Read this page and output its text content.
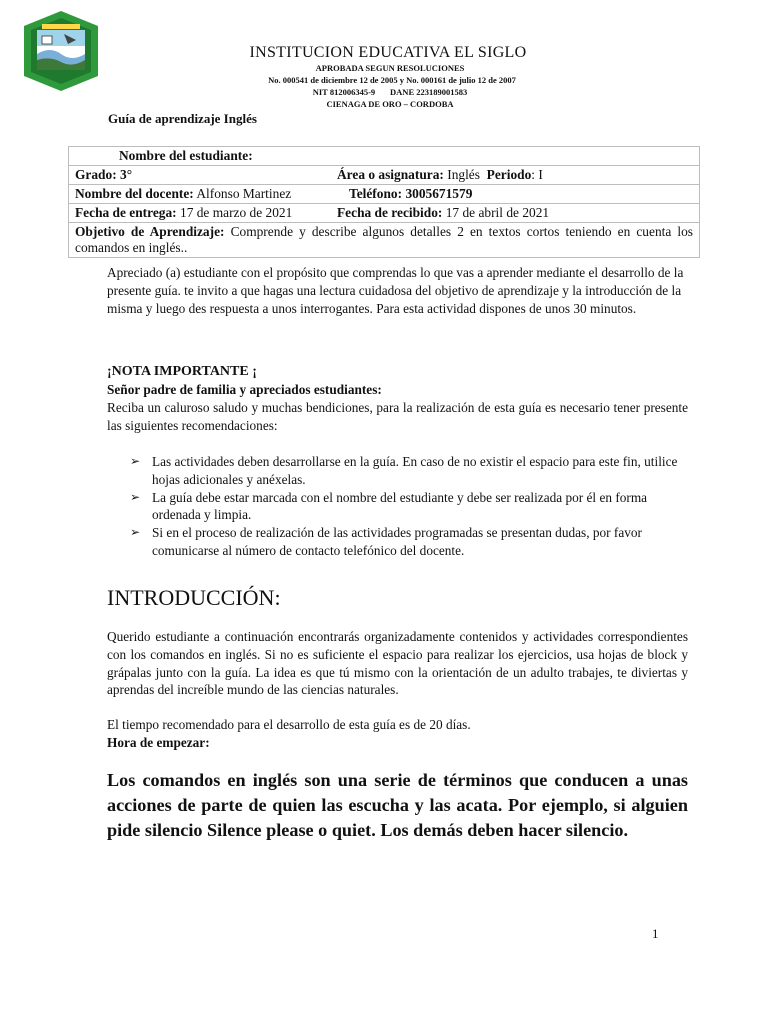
INSTITUCION EDUCATIVA EL SIGLO
APROBADA SEGUN RESOLUCIONES
No. 000541 de diciembre 12 de 2005 y No. 000161 de julio 12 de 2007
NIT 812006345-9       DANE 223189001583
CIENAGA DE ORO – CORDOBA
Guía de aprendizaje Inglés
Nombre del estudiante:	
Grado: 3°	Área o asignatura: Inglés Periodo: I
Nombre del docente: Alfonso Martinez	Teléfono: 3005671579
Fecha de entrega: 17 de marzo de 2021	Fecha de recibido: 17 de abril de 2021
Objetivo de Aprendizaje: Comprende y describe algunos detalles 2 en textos cortos teniendo en cuenta los comandos en inglés..	

Apreciado (a) estudiante con el propósito que comprendas lo que vas a aprender mediante el desarrollo de la presente guía. te invito a que hagas una lectura cuidadosa del objetivo de aprendizaje y la introducción de la misma y luego des respuesta a unos interrogantes. Para esta actividad dispones de unos 30 minutos.

¡NOTA IMPORTANTE ¡

Señor padre de familia y apreciados estudiantes:

Reciba un caluroso saludo y muchas bendiciones, para la realización de esta guía es necesario tener presente las siguientes recomendaciones:

➢ Las actividades deben desarrollarse en la guía. En caso de no existir el espacio para este fin, utilice hojas adicionales y anéxelas.
➢ La guía debe estar marcada con el nombre del estudiante y debe ser realizada por él en forma ordenada y limpia.
➢ Si en el proceso de realización de las actividades programadas se presentan dudas, por favor comunicarse al número de contacto telefónico del docente.
INTRODUCCIÓN:

Querido estudiante a continuación encontrarás organizadamente contenidos y actividades correspondientes con los comandos en inglés. Si no es suficiente el espacio para realizar los ejercicios, usa hojas de block y grápalas junto con la guía. La idea es que tú mismo con la orientación de un adulto trabajes, te diviertas y aprendas del increíble mundo de las ciencias naturales.

El tiempo recomendado para el desarrollo de esta guía es de 20 días.

Hora de empezar:

Los comandos en inglés son una serie de términos que conducen a unas acciones de parte de quien las escucha y las acata. Por ejemplo, si alguien pide silencio Silence please o quiet. Los demás deben hacer silencio.

1
